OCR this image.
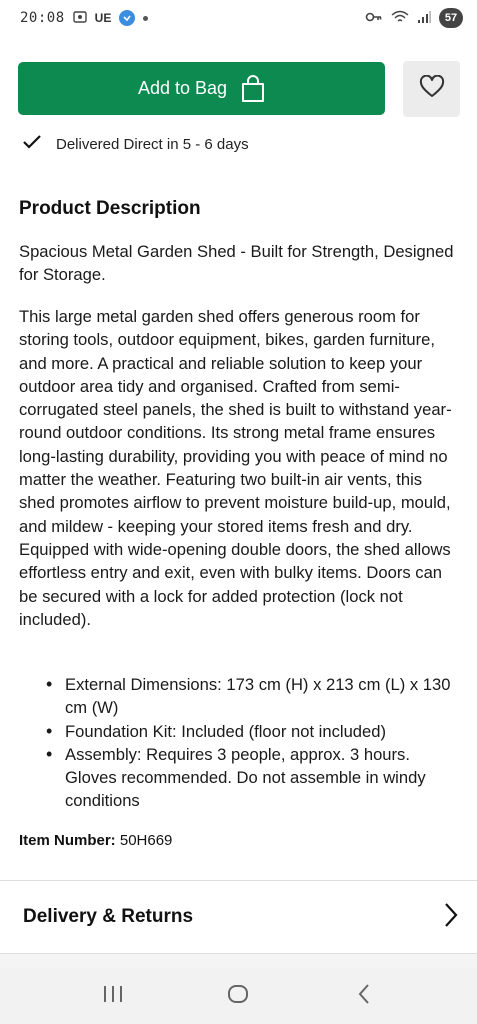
20:08	UE	57
Add to Bag
Delivered Direct in 5 - 6 days
Product Description

Spacious Metal Garden Shed - Built for Strength, Designed for Storage.

This large metal garden shed offers generous room for storing tools, outdoor equipment, bikes, garden furniture, and more. A practical and reliable solution to keep your outdoor area tidy and organised. Crafted from semi-corrugated steel panels, the shed is built to withstand year-round outdoor conditions. Its strong metal frame ensures long-lasting durability, providing you with peace of mind no matter the weather. Featuring two built-in air vents, this shed promotes airflow to prevent moisture build-up, mould, and mildew - keeping your stored items fresh and dry. Equipped with wide-opening double doors, the shed allows effortless entry and exit, even with bulky items. Doors can be secured with a lock for added protection (lock not included).

• External Dimensions: 173 cm (H) x 213 cm (L) x 130 cm (W)
• Foundation Kit: Included (floor not included)
• Assembly: Requires 3 people, approx. 3 hours. Gloves recommended. Do not assemble in windy conditions
Item Number: 50H669
Delivery & Returns
